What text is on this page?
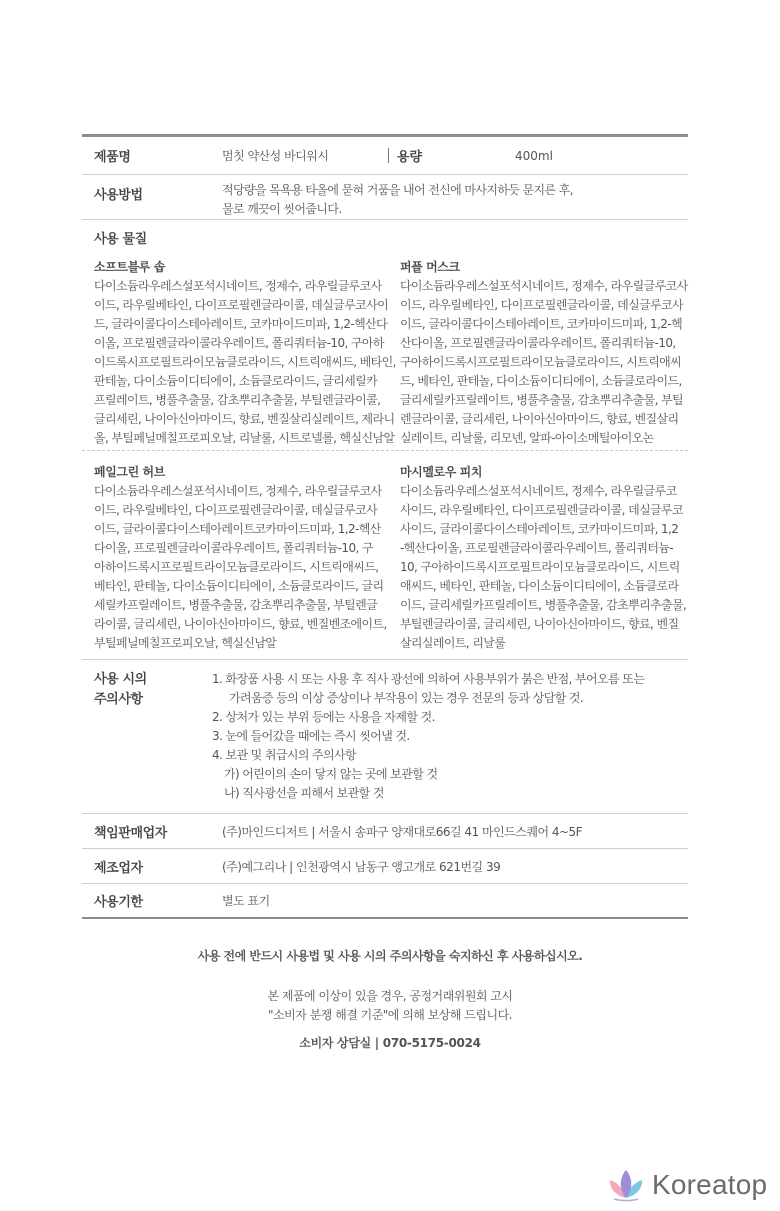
제품명	멈칫 약산성 바디워시	용량	400ml
사용방법	적당량을 목욕용 타올에 묻혀 거품을 내어 전신에 마사지하듯 문지른 후,
물로 깨끗이 씻어줍니다.
사용 물질
소프트블루 솝
다이소듐라우레스설포석시네이트, 정제수, 라우릴글루코사
이드, 라우릴베타인, 다이프로필렌글라이콜, 데실글루코사이
드, 글라이콜다이스테아레이트, 코카마이드미파, 1,2-헥산다
이올, 프로필렌글라이콜라우레이트, 폴리쿼터늄-10, 구아하
이드록시프로필트라이모늄클로라이드, 시트릭애씨드, 베타인,
판테놀, 다이소듐이디티에이, 소듐클로라이드, 글리세릴카
프릴레이트, 병풀추출물, 감초뿌리추출물, 부틸렌글라이콜,
글리세린, 나이아신아마이드, 향료, 벤질살리실레이트, 제라니
올, 부틸페닐메칠프로피오날, 리날룰, 시트로넬롤, 헥실신남알
퍼플 머스크
다이소듐라우레스설포석시네이트, 정제수, 라우릴글루코사
이드, 라우릴베타인, 다이프로필렌글라이콜, 데실글루코사
이드, 글라이콜다이스테아레이트, 코카마이드미파, 1,2-헥
산다이올, 프로필렌글라이콜라우레이트, 폴리쿼터늄-10,
구아하이드록시프로필트라이모늄클로라이드, 시트릭애씨
드, 베타인, 판테놀, 다이소듐이디티에이, 소듐클로라이드,
글리세릴카프릴레이트, 병풀추출물, 감초뿌리추출물, 부틸
렌글라이콜, 글리세린, 나이아신아마이드, 향료, 벤질살리
실레이트, 리날룰, 리모넨, 알파-아이소메틸아이오논
페일그린 허브
다이소듐라우레스설포석시네이트, 정제수, 라우릴글루코사
이드, 라우릴베타인, 다이프로필렌글라이콜, 데실글루코사
이드, 글라이콜다이스테아레이트코카마이드미파, 1,2-헥산
다이올, 프로필렌글라이콜라우레이트, 폴리쿼터늄-10, 구
아하이드록시프로필트라이모늄클로라이드, 시트릭애씨드,
베타인, 판테놀, 다이소듐이디티에이, 소듐클로라이드, 글리
세릴카프릴레이트, 병풀추출물, 감초뿌리추출물, 부틸렌글
라이콜, 글리세린, 나이아신아마이드, 향료, 벤질벤조에이트,
부틸페닐메칠프로피오날, 헥실신남알
마시멜로우 피치
다이소듐라우레스설포석시네이트, 정제수, 라우릴글루코
사이드, 라우릴베타인, 다이프로필렌글라이콜, 데실글루코
사이드, 글라이콜다이스테아레이트, 코카마이드미파, 1,2
-헥산다이올, 프로필렌글라이콜라우레이트, 폴리쿼터늄-
10, 구아하이드록시프로필트라이모늄클로라이드, 시트릭
애씨드, 베타인, 판테놀, 다이소듐이디티에이, 소듐클로라
이드, 글리세릴카프릴레이트, 병풀추출물, 감초뿌리추출물,
부틸렌글라이콜, 글리세린, 나이아신아마이드, 향료, 벤질
살리실레이트, 리날룰
사용 시의
주의사항
1. 화장품 사용 시 또는 사용 후 직사 광선에 의하여 사용부위가 붉은 반점, 부어오름 또는
가려움증 등의 이상 증상이나 부작용이 있는 경우 전문의 등과 상담할 것.
2. 상처가 있는 부위 등에는 사용을 자제할 것.
3. 눈에 들어갔을 때에는 즉시 씻어낼 것.
4. 보관 및 취급시의 주의사항
가) 어린이의 손이 닿지 않는 곳에 보관할 것
나) 직사광선을 피해서 보관할 것
책임판매업자	(주)마인드디저트 | 서울시 송파구 양재대로66길 41 마인드스퀘어 4~5F
제조업자	(주)예그리나 | 인천광역시 남동구 앵고개로 621번길 39
사용기한	별도 표기
사용 전에 반드시 사용법 및 사용 시의 주의사항을 숙지하신 후 사용하십시오.
본 제품에 이상이 있을 경우, 공정거래위원회 고시
"소비자 분쟁 해결 기준"에 의해 보상해 드립니다.
소비자 상담실 | 070-5175-0024
Koreatop
